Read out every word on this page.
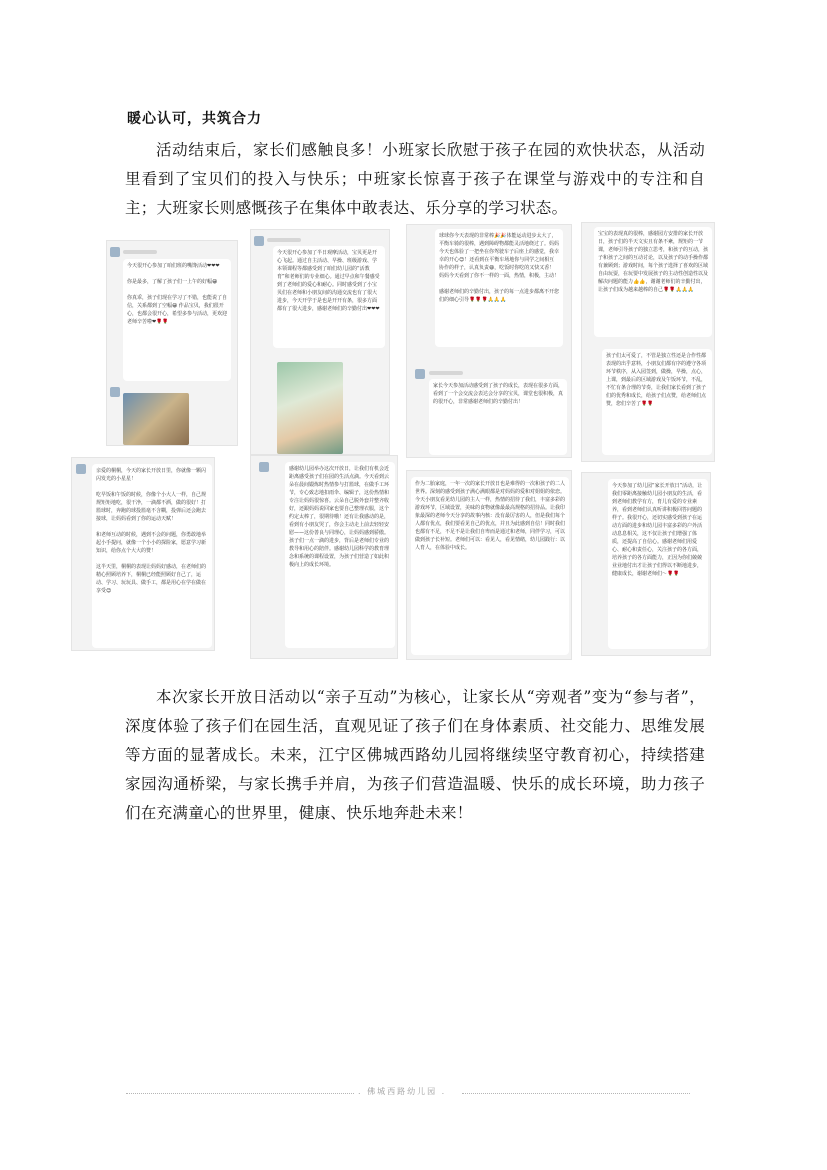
暖心认可，共筑合力

活动结束后，家长们感触良多！小班家长欣慰于孩子在园的欢快状态，从活动里看到了宝贝们的投入与快乐；中班家长惊喜于孩子在课堂与游戏中的专注和自主；大班家长则感慨孩子在集体中敢表达、乐分享的学习状态。

今天很开心参加了咱们班的嘴馋活动❤❤❤

你是最多，了解了孩子们一上午的好幅😀

你真乖，孩子们现在学习了不错，也能说了自信，关系都到了空幅😀 作品宝贝，我们很开心，也都会很开心，希望多参与活动，更欢迎老师辛苦啦❤🌹🌹
今天很开心参加了半日观摩活动，宝贝更是开心飞起。通过自主活动、早操、班级游戏、学本领课程等都感受到了咱们幼儿园的“活教育”和老师们的专业细心。通过早点和午餐感受到了老师们的爱心和耐心。同时感受到了小宝贝们在老师和小朋友间的沟通交流也有了很大进步，今天开学于是也是开开有条，很多方面都有了很大进步，感谢老师们的辛勤付出❤❤❤
球球你今天表现的非常棒🎉🎉体能运动进步太大了，平衡车骑的很棒，遇到障碍物都能灵活地绕过了。妈妈今天也体验了一把坐在你驾驶车子后座上的感觉，我幸幸的开心😊！还看到在平衡车场地你与同学之间相互协作的样子，认真负责😄，吃饭时你吃的又快又香！妈妈今天看到了你不一样的一面，热情，积极，主动！

感谢老师们的辛勤付出，孩子的每一点进步都离不开您们的细心引导🌹🌹🌹🙏🙏🙏
家长今天参加活动感受到了孩子的成长，表现在很多方面，看到了一个会交流会表达会分享的宝贝，课堂也很积极，真的很开心，非常感谢老师们的辛勤付出！
宝宝的表现真的很棒，感谢园方安排的家长开放日，孩子们的半天文实且有条不紊，规矩的一节课，老师引导孩子的独立思考，和孩子的互动，孩子和孩子之间的互动讨论，以及孩子的动手操作都有兼顾到；游戏时间，每个孩子选择了喜欢的区域自由玩耍，在玩要中发展孩子的主动性创造性以及解决问题的能力👍👍，谢谢老师们的辛勤付出，让孩子们成为越来越棒的自己🌹🌹🙏🙏🙏
孩子们太可爱了，不管是独立性还是合作性都表现的出乎意料，小朋友们都有序的遵守各项环节秩序，从入园签到，做操，早操，点心，上课，到最后的区域游戏及午饭环节，不乱，不忙有条合理的节奏，让我们家长看到了孩子们的优秀和成长，给孩子们点赞，给老师们点赞，您们辛苦了🌹🌹
亲爱的桐桐，今天的家长开放日里，你就像一颗闪闪发光的小星星！

吃早饭和午饭的时候，你像个小大人一样，自己规规矩矩地吃，很干净，一滴都不洒，做的很好！打篮球时，奔跑的球投篮毫不含糊，投弹后还会跑去接球，让妈妈看到了你的运动天赋！

和老师互动的时候，遇到不会的问题，你勇敢地举起小手提问，就像一个小小的探险家，愿意学习新知识，给你点个大大的赞！

这半天里，桐桐的表现让妈妈好感动，在老师们的精心照顾培养下，桐桐已经能照顾好自己了，运动、学习、玩玩具、做手工，都是用心在学在做在享受😊
感谢幼儿园举办这次开放日，让我们有机会近距离感受孩子们在园的生活点滴。今天看到云朵在晨间锻炼时热情参与打篮球，在做手工环节，专心致志地扣雨伞、编辑子，这份热情和专注让妈妈很惊喜。云朵自己脱外套并整齐收好，还跟妈妈说回家也要自己整理衣服，这个约定太棒了，很期待哦！还有让我感动的是，看到有小朋友哭了，你会主动走上前去轻轻安慰——这份善良与同理心，让妈妈感到骄傲。孩子们一点一滴的进步，背后是老师们专业的教导和用心的陪伴。感谢幼儿园科学的教育理念和系统的课程设置，为孩子们营造了如此积极向上的成长环境。
作为二胎家庭，一年一次的家长开放日也是难得的一次和孩子的二人世界。深刻的感受到孩子满心满眼都是对妈妈的爱和对姐姐的依恋。今天小朋友看见幼儿园的主人一样，热情的招待了我们，丰富多彩的游戏环节，区域设置，美味的食物就像最最高规格的招待品。让我印象最深的老师今天分享的故事内核：没有最厉害的人，但是我们每个人都有优点，我们要看见自己的优点，并且为此感到自信！同时我们也都有不足，不足不是让我们自卑而是通过和老师，同伴学习，可以做到孩子长补短。老师们可以：看见人，看见情绪，幼儿园践行：以人育人，在体验中成长。
今天参加了幼儿园“家长开放日”活动，让我们零距离接触幼儿园小朋友的生活，看到老师们教学有方，育儿有爱的专业素养，看到老师们认真听讲积极回答问题的样子。我很开心，还切实感受到孩子在运动方面的进步和幼儿园丰富多彩的户外活动息息相关，这不仅让孩子们增强了体质，还提高了自信心。感谢老师们用爱心、耐心和责任心，关注孩子的各方面，培养孩子的各方面能力，正因为你们兢兢业业地付出才让孩子们得以不断地进步，健康成长，谢谢老师们～🌹🌹

本次家长开放日活动以“亲子互动”为核心，让家长从“旁观者”变为“参与者”，深度体验了孩子们在园生活，直观见证了孩子们在身体素质、社交能力、思维发展等方面的显著成长。未来，江宁区佛城西路幼儿园将继续坚守教育初心，持续搭建家园沟通桥梁，与家长携手并肩，为孩子们营造温暖、快乐的成长环境，助力孩子们在充满童心的世界里，健康、快乐地奔赴未来！

. 佛城西路幼儿园 .
